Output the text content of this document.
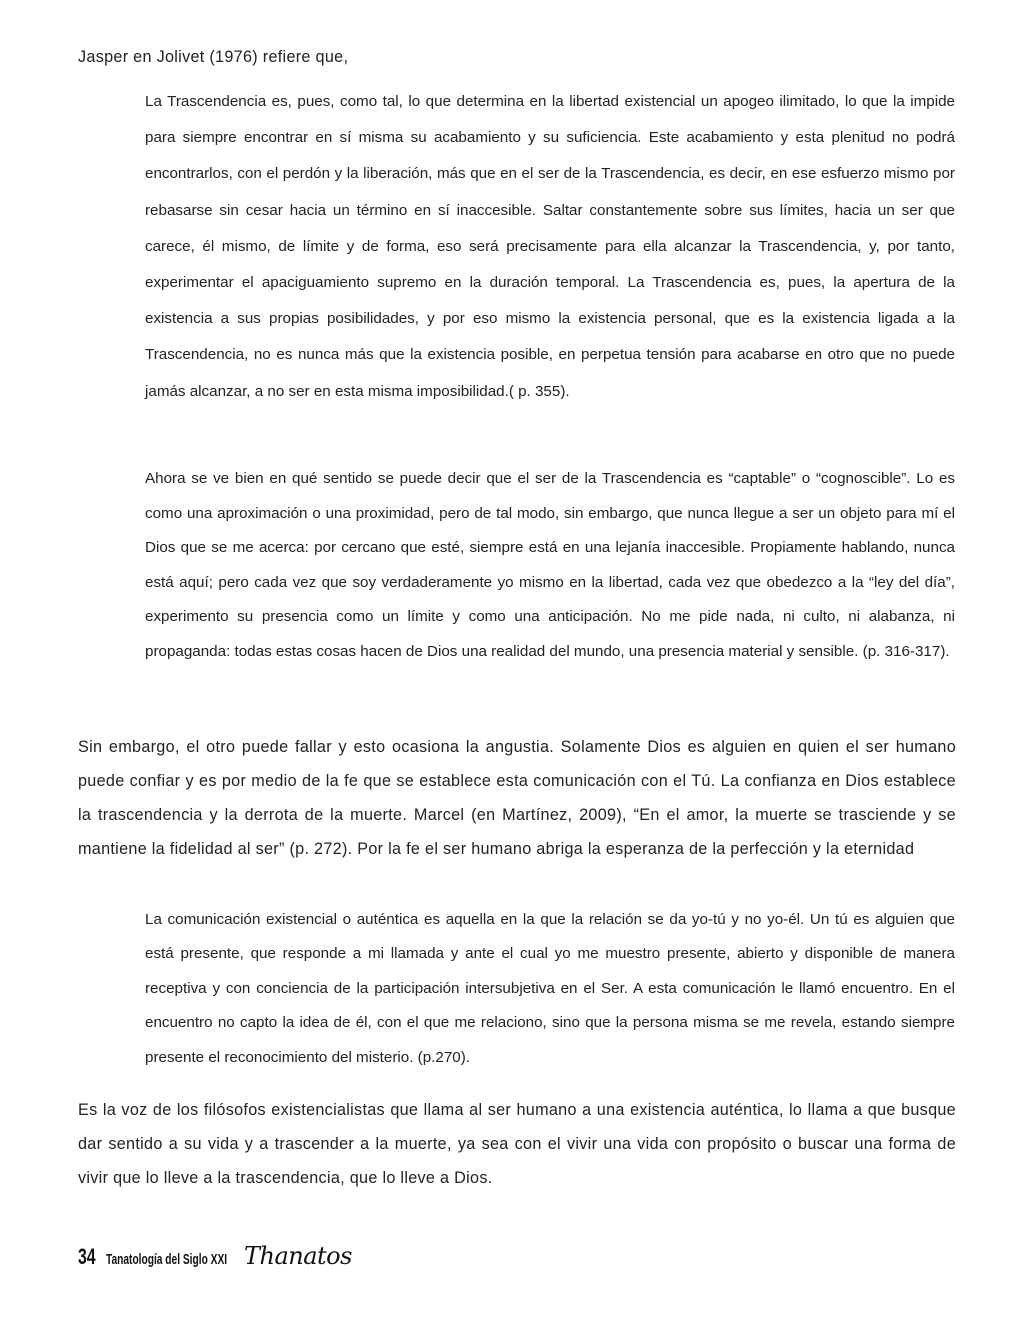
Jasper en Jolivet (1976) refiere que,

La Trascendencia es, pues, como tal, lo que determina en la libertad existencial un apogeo ilimitado, lo que la impide para siempre encontrar en sí misma su acabamiento y su suficiencia. Este acabamiento y esta plenitud no podrá encontrarlos, con el perdón y la liberación, más que en el ser de la Trascendencia, es decir, en ese esfuerzo mismo por rebasarse sin cesar hacia un término en sí inaccesible. Saltar constantemente sobre sus límites, hacia un ser que carece, él mismo, de límite y de forma, eso será precisamente para ella alcanzar la Trascendencia, y, por tanto, experimentar el apaciguamiento supremo en la duración temporal. La Trascendencia es, pues, la apertura de la existencia a sus propias posibilidades, y por eso mismo la existencia personal, que es la existencia ligada a la Trascendencia, no es nunca más que la existencia posible, en perpetua tensión para acabarse en otro que no puede jamás alcanzar, a no ser en esta misma imposibilidad.( p. 355).

Ahora se ve bien en qué sentido se puede decir que el ser de la Trascendencia es “captable” o “cognoscible”. Lo es como una aproximación o una proximidad, pero de tal modo, sin embargo, que nunca llegue a ser un objeto para mí el Dios que se me acerca: por cercano que esté, siempre está en una lejanía inaccesible. Propiamente hablando, nunca está aquí; pero cada vez que soy verdaderamente yo mismo en la libertad, cada vez que obedezco a la “ley del día”, experimento su presencia como un límite y como una anticipación. No me pide nada, ni culto, ni alabanza, ni propaganda: todas estas cosas hacen de Dios una realidad del mundo, una presencia material y sensible. (p. 316-317).

Sin embargo, el otro puede fallar y esto ocasiona la angustia. Solamente Dios es alguien en quien el ser humano puede confiar y es por medio de la fe que se establece esta comunicación con el Tú. La confianza en Dios establece la trascendencia y la derrota de la muerte. Marcel (en Martínez, 2009), “En el amor, la muerte se trasciende y se mantiene la fidelidad al ser” (p. 272). Por la fe el ser humano abriga la esperanza de la perfección y la eternidad

La comunicación existencial o auténtica es aquella en la que la relación se da yo-tú y no yo-él. Un tú es alguien que está presente, que responde a mi llamada y ante el cual yo me muestro presente, abierto y disponible de manera receptiva y con conciencia de la participación intersubjetiva en el Ser. A esta comunicación le llamó encuentro. En el encuentro no capto la idea de él, con el que me relaciono, sino que la persona misma se me revela, estando siempre presente el reconocimiento del misterio. (p.270).

Es la voz de los filósofos existencialistas que llama al ser humano a una existencia auténtica, lo llama a que busque dar sentido a su vida y a trascender a la muerte, ya sea con el vivir una vida con propósito o buscar una forma de vivir que lo lleve a la trascendencia, que lo lleve a Dios.

34 Tanatología del Siglo XXI Thanatos
